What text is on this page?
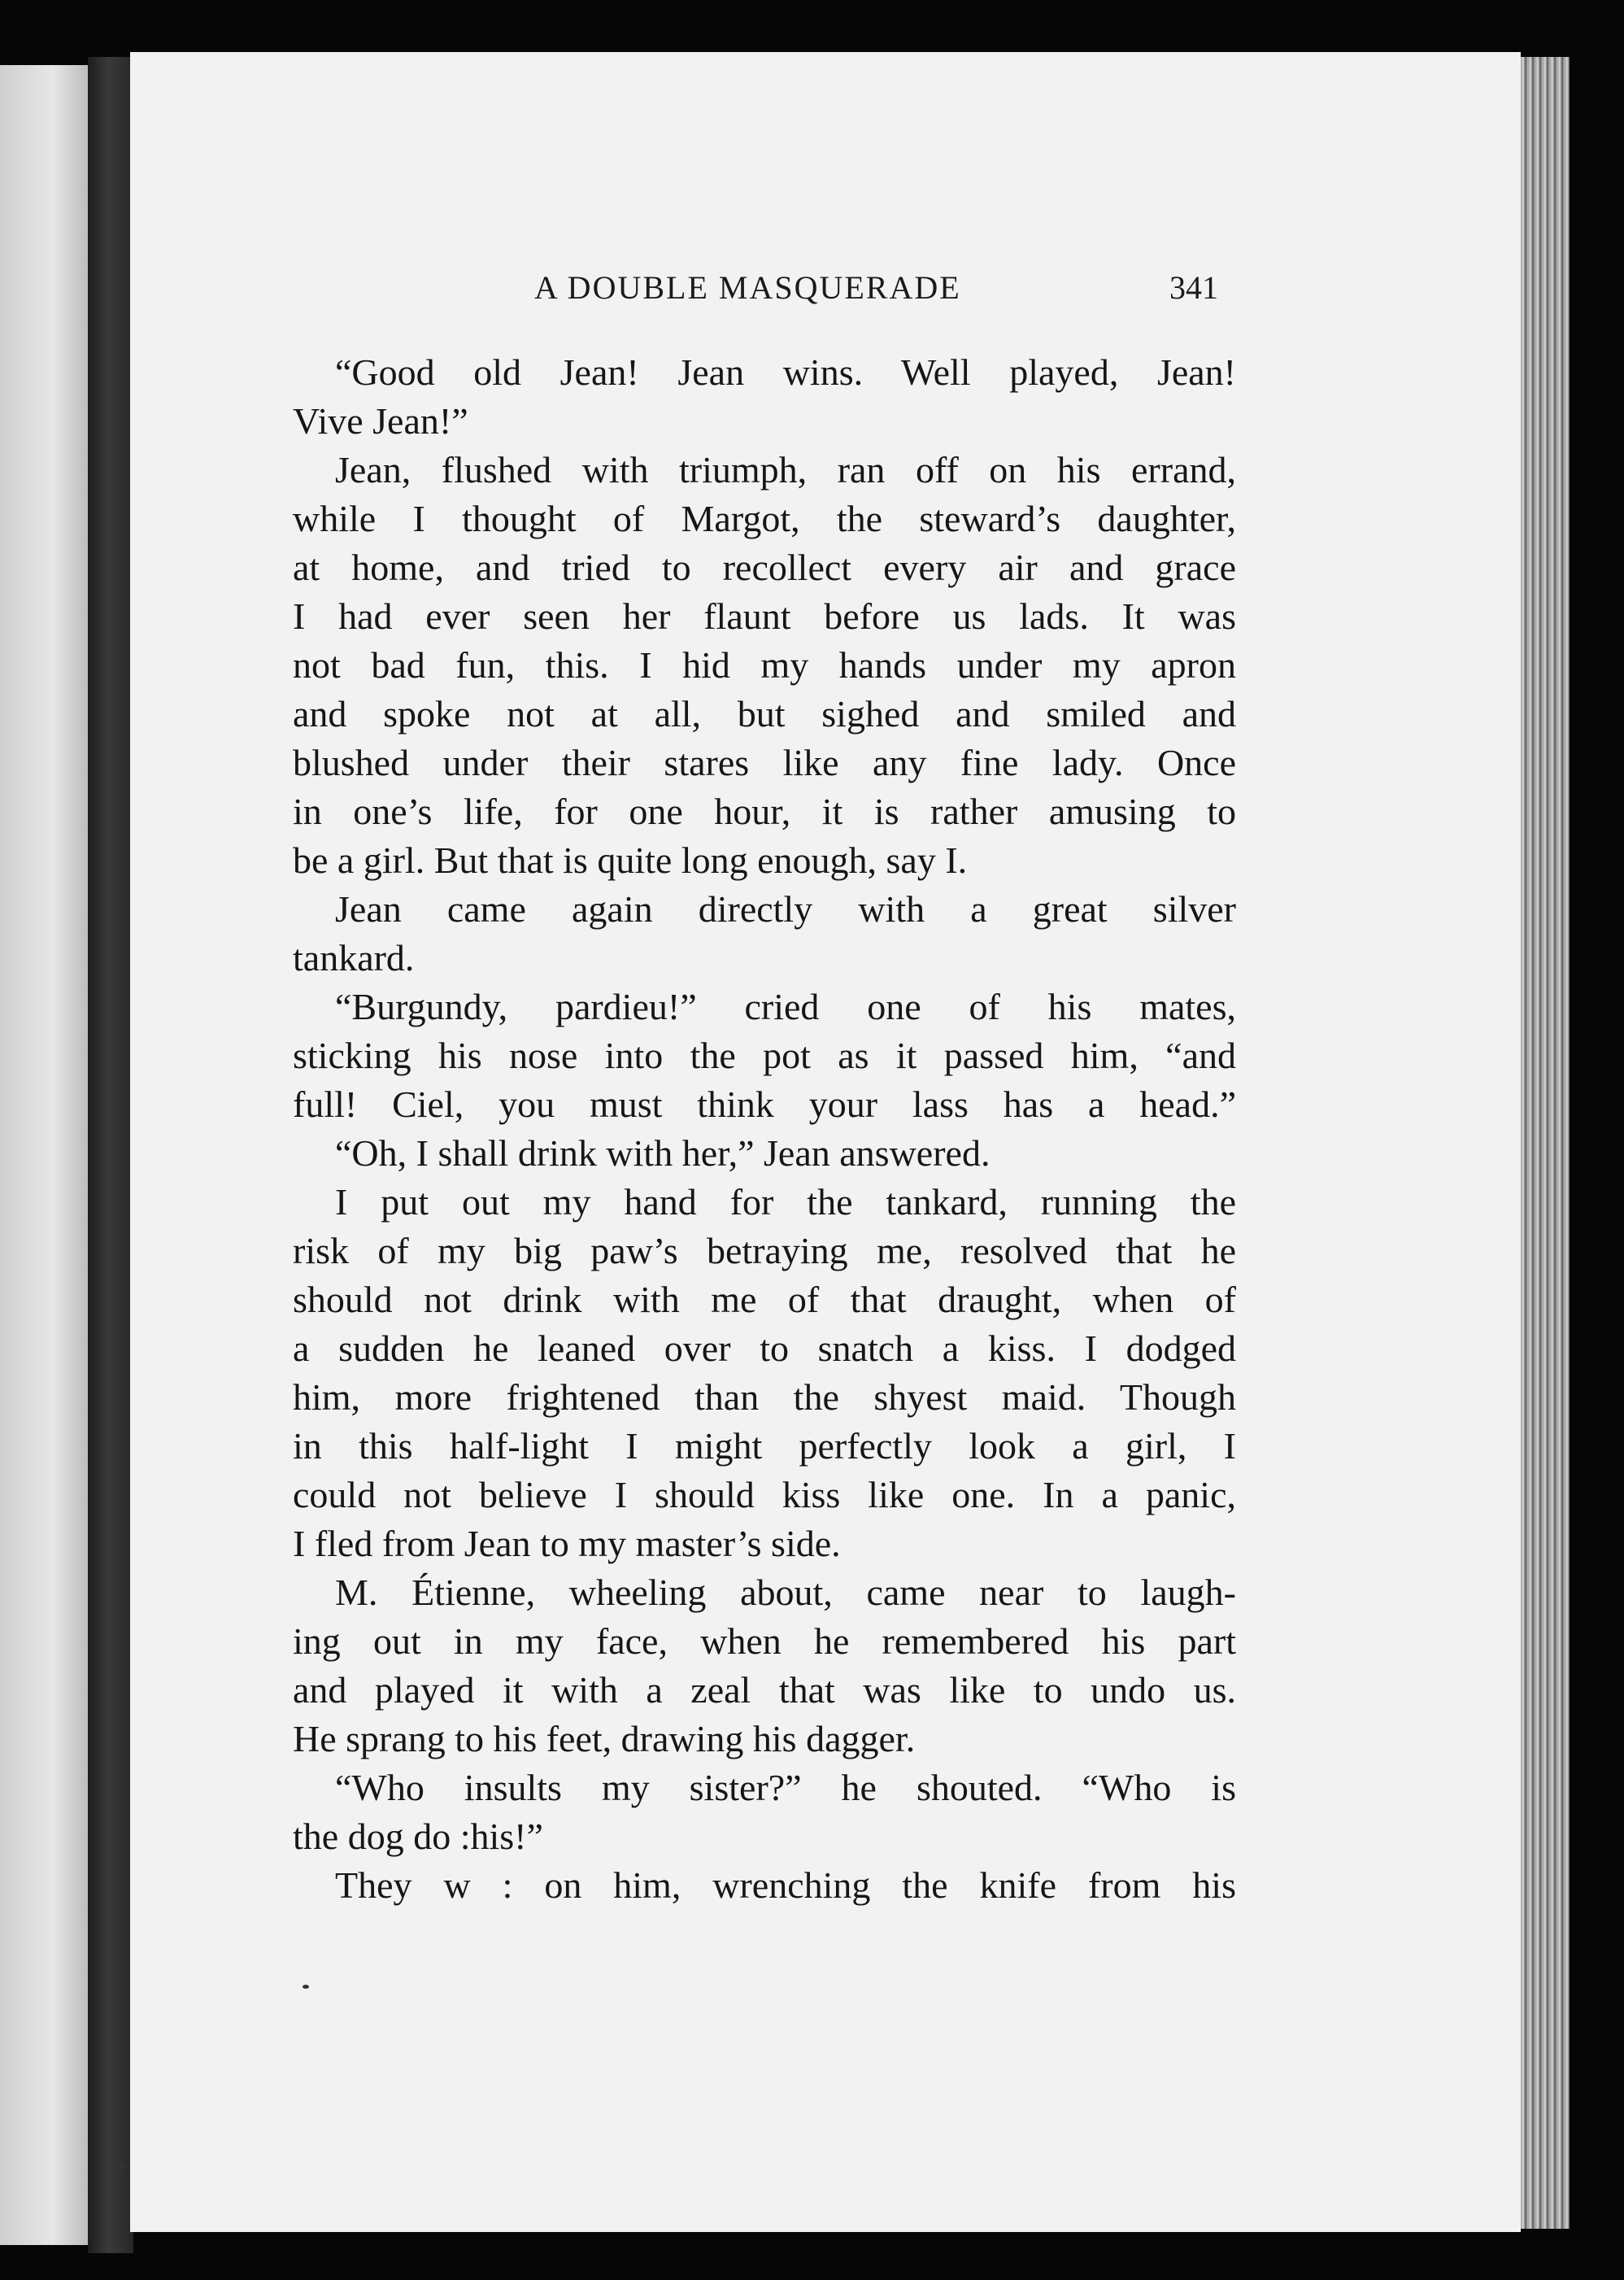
A DOUBLE MASQUERADE	341
“Good old Jean! Jean wins. Well played, Jean!
Vive Jean!”
Jean, flushed with triumph, ran off on his errand,
while I thought of Margot, the steward’s daughter,
at home, and tried to recollect every air and grace
I had ever seen her flaunt before us lads. It was
not bad fun, this. I hid my hands under my apron
and spoke not at all, but sighed and smiled and
blushed under their stares like any fine lady. Once
in one’s life, for one hour, it is rather amusing to
be a girl. But that is quite long enough, say I.
Jean came again directly with a great silver
tankard.
“Burgundy, pardieu!” cried one of his mates,
sticking his nose into the pot as it passed him, “and
full! Ciel, you must think your lass has a head.”
“Oh, I shall drink with her,” Jean answered.
I put out my hand for the tankard, running the
risk of my big paw’s betraying me, resolved that he
should not drink with me of that draught, when of
a sudden he leaned over to snatch a kiss. I dodged
him, more frightened than the shyest maid. Though
in this half-light I might perfectly look a girl, I
could not believe I should kiss like one. In a panic,
I fled from Jean to my master’s side.
M. Étienne, wheeling about, came near to laugh-
ing out in my face, when he remembered his part
and played it with a zeal that was like to undo us.
He sprang to his feet, drawing his dagger.
“Who insults my sister?” he shouted. “Who is
the dog do :his!”
They w : on him, wrenching the knife from his
